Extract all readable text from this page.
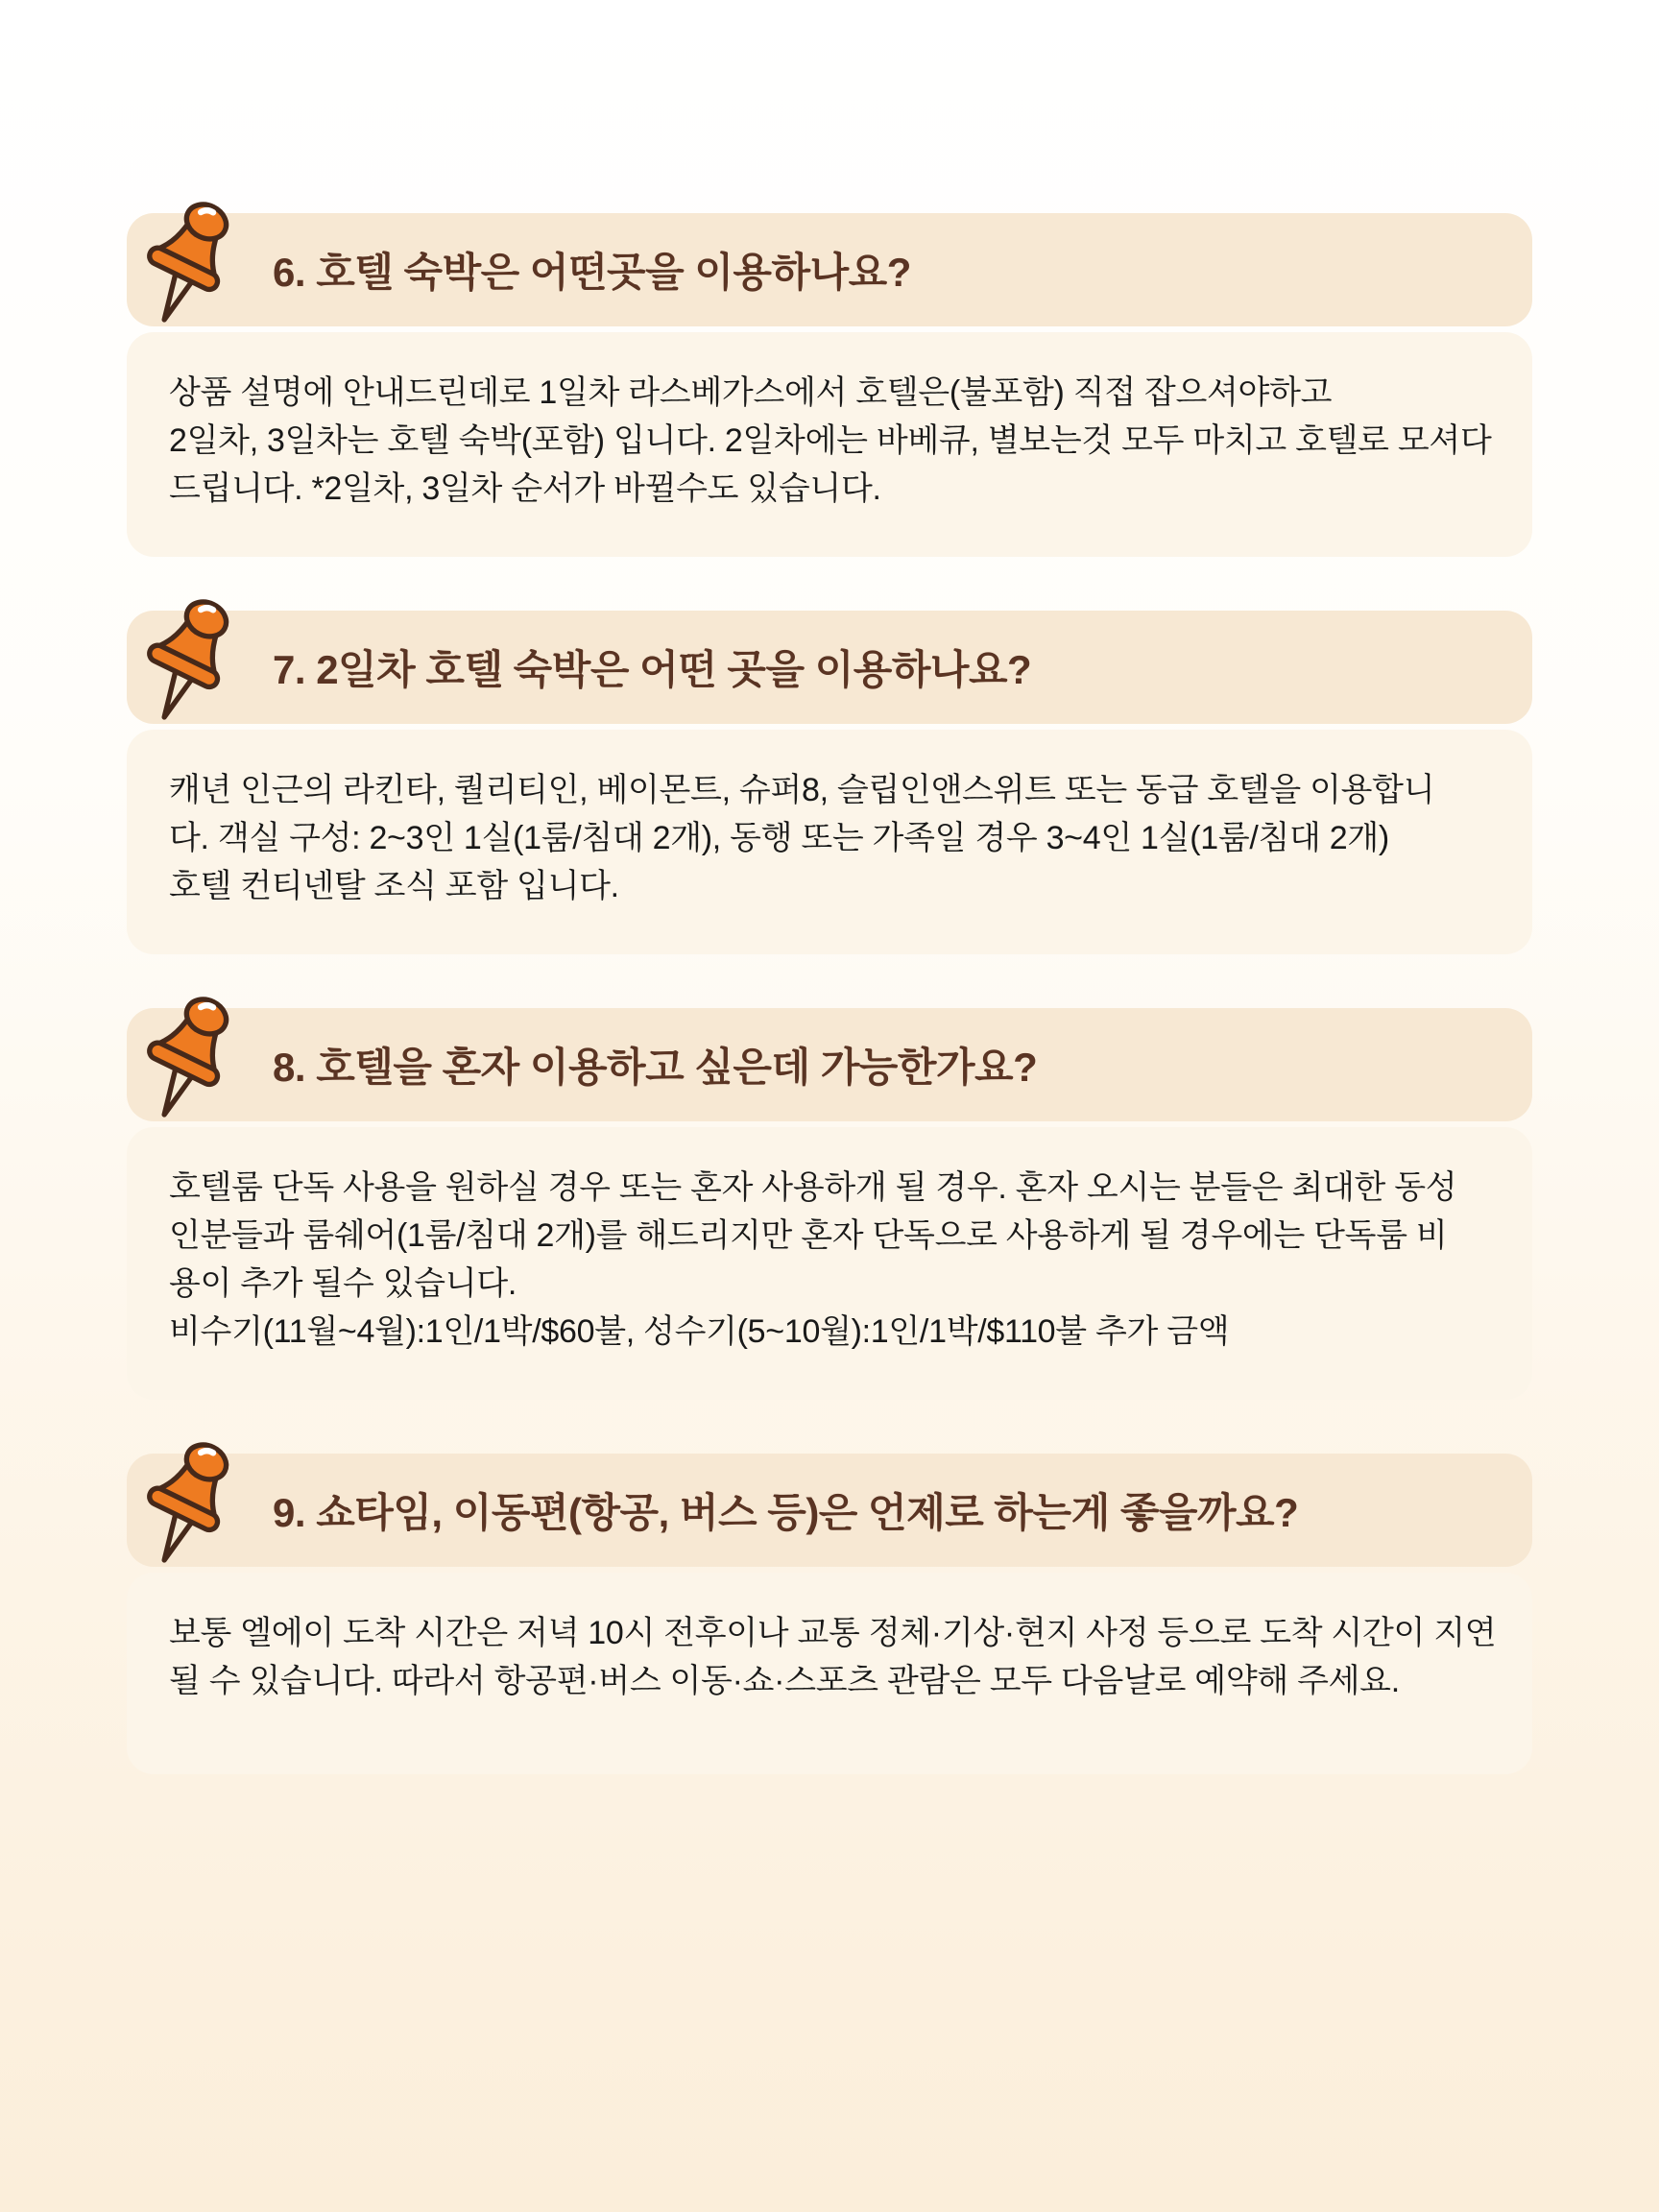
6. 호텔 숙박은 어떤곳을 이용하나요?

상품 설명에 안내드린데로 1일차 라스베가스에서 호텔은(불포함) 직접 잡으셔야하고

2일차, 3일차는 호텔 숙박(포함) 입니다. 2일차에는 바베큐, 별보는것 모두 마치고 호텔로 모셔다

드립니다. *2일차, 3일차 순서가 바뀔수도 있습니다.

7. 2일차 호텔 숙박은 어떤 곳을 이용하나요?

캐년 인근의 라킨타, 퀄리티인, 베이몬트, 슈퍼8, 슬립인앤스위트 또는 동급 호텔을 이용합니

다. 객실 구성: 2~3인 1실(1룸/침대 2개), 동행 또는 가족일 경우 3~4인 1실(1룸/침대 2개)

호텔 컨티넨탈 조식 포함 입니다.

8. 호텔을 혼자 이용하고 싶은데 가능한가요?

호텔룸 단독 사용을 원하실 경우 또는 혼자 사용하개 될 경우. 혼자 오시는 분들은 최대한 동성

인분들과 룸쉐어(1룸/침대 2개)를 해드리지만 혼자 단독으로 사용하게 될 경우에는 단독룸 비

용이 추가 될수 있습니다.

비수기(11월~4월):1인/1박/$60불, 성수기(5~10월):1인/1박/$110불 추가 금액

9. 쇼타임, 이동편(항공, 버스 등)은 언제로 하는게 좋을까요?

보통 엘에이 도착 시간은 저녁 10시 전후이나 교통 정체·기상·현지 사정 등으로 도착 시간이 지연

될 수 있습니다. 따라서 항공편·버스 이동·쇼·스포츠 관람은 모두 다음날로 예약해 주세요.
